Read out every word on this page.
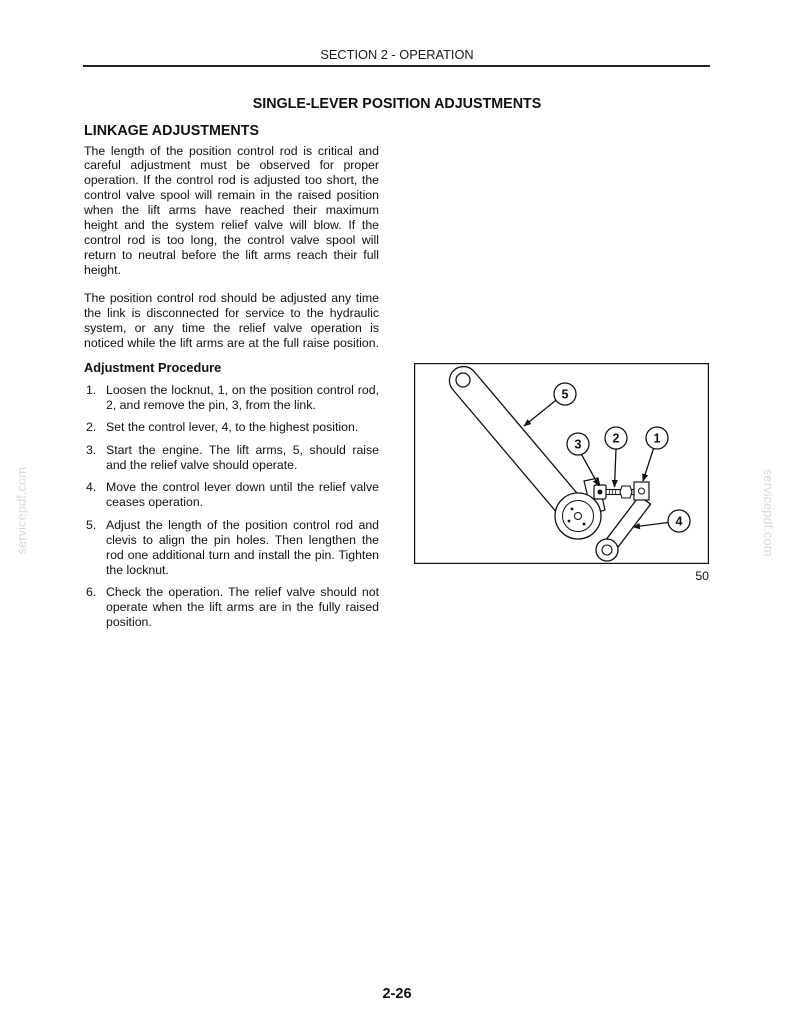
SECTION 2 - OPERATION
SINGLE-LEVER POSITION ADJUSTMENTS
LINKAGE ADJUSTMENTS
The length of the position control rod is critical and
careful adjustment must be observed for proper
operation. If the control rod is adjusted too short, the
control valve spool will remain in the raised position
when the lift arms have reached their maximum
height and the system relief valve will blow. If the
control rod is too long, the control valve spool will
return to neutral before the lift arms reach their full
height.
The position control rod should be adjusted any time
the link is disconnected for service to the hydraulic
system, or any time the relief valve operation is
noticed while the lift arms are at the full raise position.
Adjustment Procedure
1. Loosen the locknut, 1, on the position control rod,
2, and remove the pin, 3, from the link.
2. Set the control lever, 4, to the highest position.
3. Start the engine. The lift arms, 5, should raise
and the relief valve should operate.
4. Move the control lever down until the relief valve
ceases operation.
5. Adjust the length of the position control rod and
clevis to align the pin holes. Then lengthen the
rod one additional turn and install the pin. Tighten
the locknut.
6. Check the operation. The relief valve should not
operate when the lift arms are in the fully raised
position.
5
3 2	1
4
50
servicepdf.com	servicepdf.com
2-26
